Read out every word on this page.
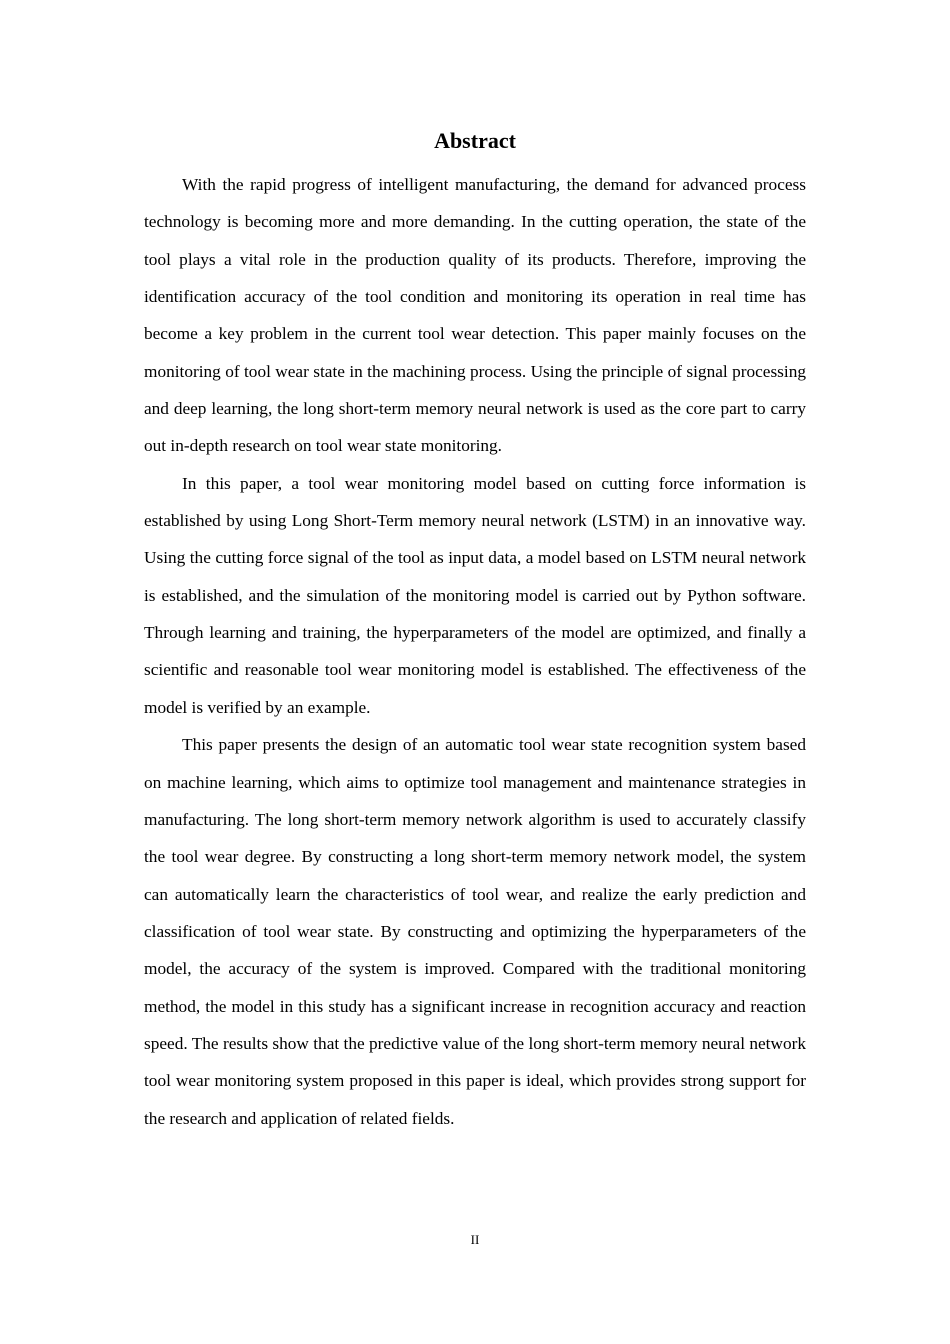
Abstract

With the rapid progress of intelligent manufacturing, the demand for advanced process technology is becoming more and more demanding. In the cutting operation, the state of the tool plays a vital role in the production quality of its products. Therefore, improving the identification accuracy of the tool condition and monitoring its operation in real time has become a key problem in the current tool wear detection. This paper mainly focuses on the monitoring of tool wear state in the machining process. Using the principle of signal processing and deep learning, the long short-term memory neural network is used as the core part to carry out in-depth research on tool wear state monitoring.

In this paper, a tool wear monitoring model based on cutting force information is established by using Long Short-Term memory neural network (LSTM) in an innovative way. Using the cutting force signal of the tool as input data, a model based on LSTM neural network is established, and the simulation of the monitoring model is carried out by Python software. Through learning and training, the hyperparameters of the model are optimized, and finally a scientific and reasonable tool wear monitoring model is established. The effectiveness of the model is verified by an example.

This paper presents the design of an automatic tool wear state recognition system based on machine learning, which aims to optimize tool management and maintenance strategies in manufacturing. The long short-term memory network algorithm is used to accurately classify the tool wear degree. By constructing a long short-term memory network model, the system can automatically learn the characteristics of tool wear, and realize the early prediction and classification of tool wear state. By constructing and optimizing the hyperparameters of the model, the accuracy of the system is improved. Compared with the traditional monitoring method, the model in this study has a significant increase in recognition accuracy and reaction speed. The results show that the predictive value of the long short-term memory neural network tool wear monitoring system proposed in this paper is ideal, which provides strong support for the research and application of related fields.

II
